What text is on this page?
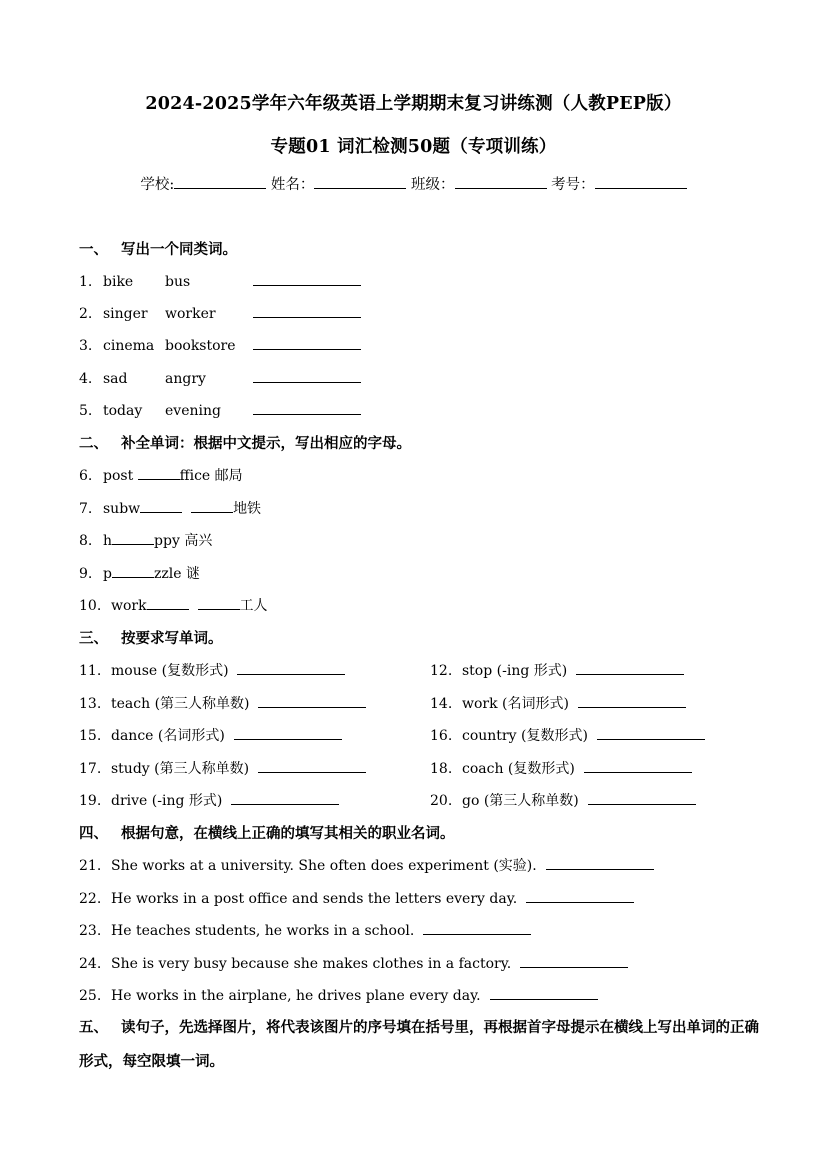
2024-2025学年六年级英语上学期期末复习讲练测（人教PEP版）
专题01 词汇检测50题（专项训练）
学校:	姓名：	班级：	考号：
一、 写出一个同类词。
1. bike bus
2. singer worker
3. cinema bookstore
4. sad	angry
5. today evening
二、 补全单词：根据中文提示，写出相应的字母。
6. post	ffice 邮局
7. subw	地铁
8. h	ppy 高兴
9. p	zzle 谜
10. work	工人
三、 按要求写单词。
11. mouse (复数形式)	12. stop (-ing 形式)
13. teach (第三人称单数)	14. work (名词形式)
15. dance (名词形式)	16. country (复数形式)
17. study (第三人称单数)	18. coach (复数形式)
19. drive (-ing 形式)	20. go (第三人称单数)
四、 根据句意，在横线上正确的填写其相关的职业名词。
21. She works at a university. She often does experiment (实验).
22. He works in a post office and sends the letters every day.
23. He teaches students, he works in a school.
24. She is very busy because she makes clothes in a factory.
25. He works in the airplane, he drives plane every day.
五、 读句子，先选择图片，将代表该图片的序号填在括号里，再根据首字母提示在横线上写出单词的正确形式，每空限填一词。
